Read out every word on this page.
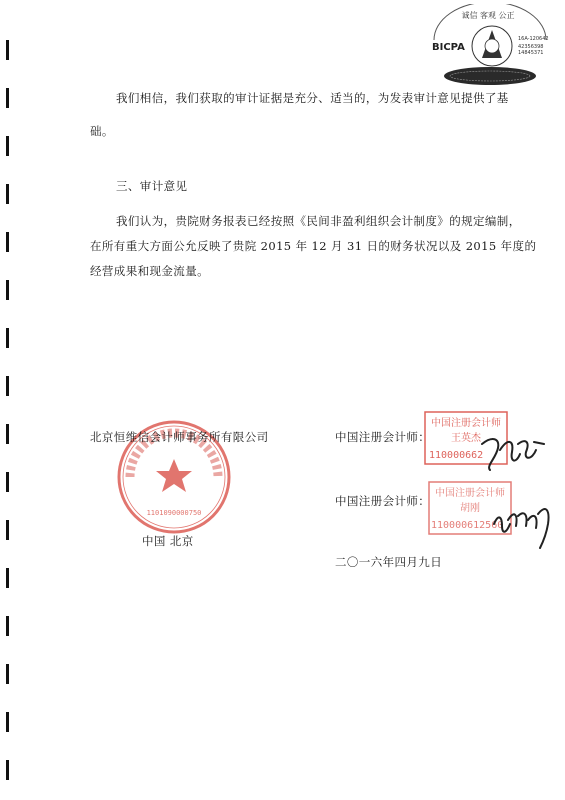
诚信 客观 公正
BICPA
16A-120642
42356398
14845371
我们相信，我们获取的审计证据是充分、适当的，为发表审计意见提供了基
础。
三、审计意见
我们认为，贵院财务报表已经按照《民间非盈利组织会计制度》的规定编制，
在所有重大方面公允反映了贵院 2015 年 12 月 31 日的财务状况以及 2015 年度的
经营成果和现金流量。
1101090000750
北京恒维信会计师事务所有限公司
中国 北京
中国注册会计师：
中国注册会计师：
二〇一六年四月九日
中国注册会计师
王英杰
110000662
中国注册会计师
胡刚
110000612560
